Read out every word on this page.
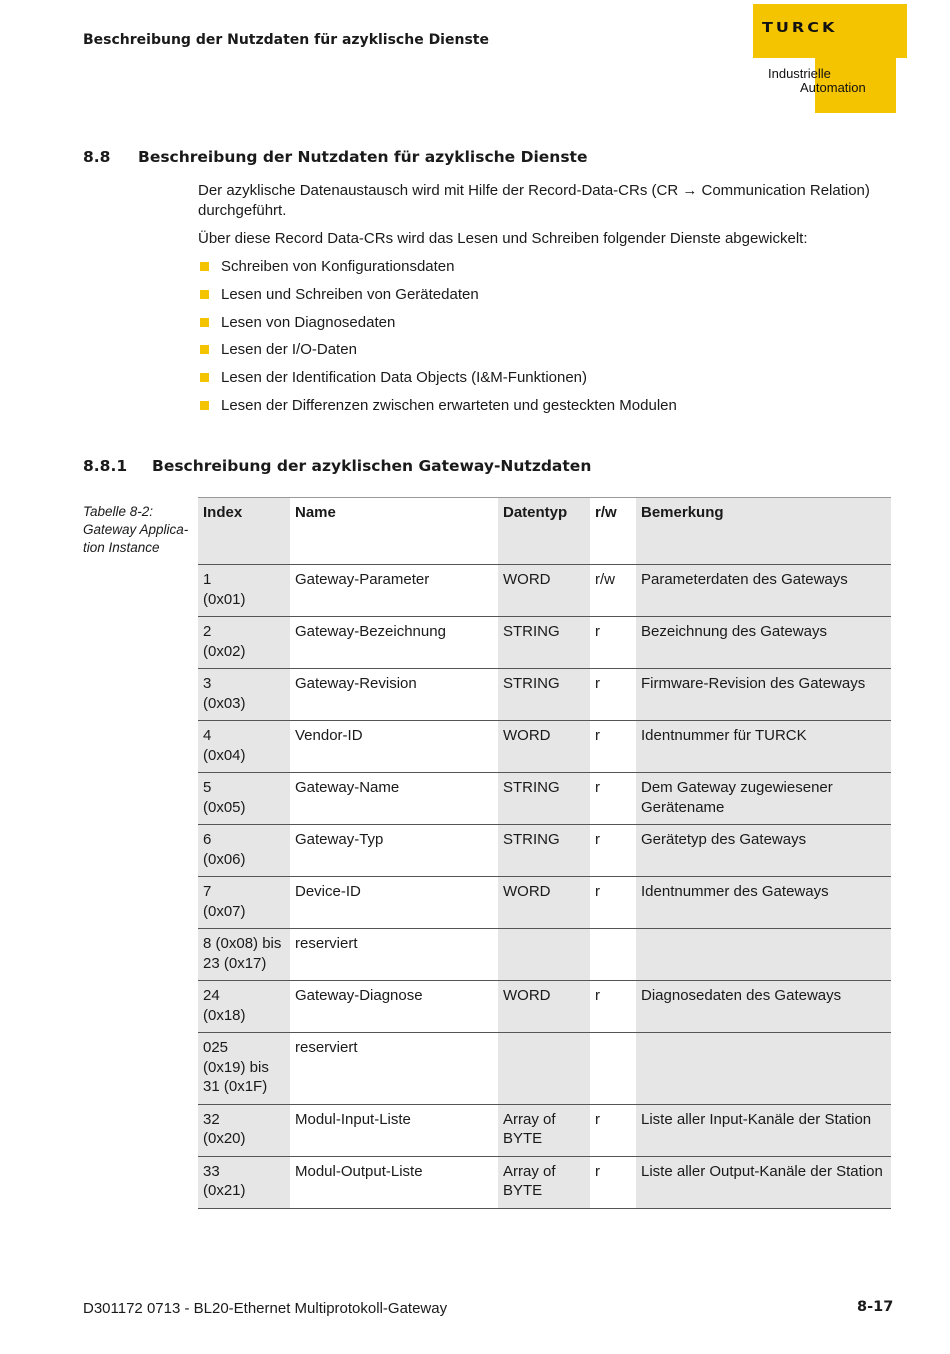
Beschreibung der Nutzdaten für azyklische Dienste
TURCK
Industrielle
Automation
8.8 Beschreibung der Nutzdaten für azyklische Dienste

Der azyklische Datenaustausch wird mit Hilfe der Record-Data-CRs (CR → Communication Relation) durchgeführt.

Über diese Record Data-CRs wird das Lesen und Schreiben folgender Dienste abgewickelt:

Schreiben von Konfigurationsdaten
Lesen und Schreiben von Gerätedaten
Lesen von Diagnosedaten
Lesen der I/O-Daten
Lesen der Identification Data Objects (I&M-Funktionen)
Lesen der Differenzen zwischen erwarteten und gesteckten Modulen
8.8.1 Beschreibung der azyklischen Gateway-Nutzdaten
Tabelle 8-2:
Gateway Applica-
tion Instance
Index	Name	Datentyp	r/w	Bemerkung

1
(0x01)	Gateway-Parameter	WORD	r/w	Parameterdaten des Gateways

2
(0x02)	Gateway-Bezeichnung	STRING	r	Bezeichnung des Gateways

3
(0x03)	Gateway-Revision	STRING	r	Firmware-Revision des Gateways

4
(0x04)	Vendor-ID	WORD	r	Identnummer für TURCK

5
(0x05)	Gateway-Name	STRING	r	Dem Gateway zugewiesener Gerätename

6
(0x06)	Gateway-Typ	STRING	r	Gerätetyp des Gateways

7
(0x07)	Device-ID	WORD	r	Identnummer des Gateways

8 (0x08) bis
23 (0x17)	reserviert			

24
(0x18)	Gateway-Diagnose	WORD	r	Diagnosedaten des Gateways

025
(0x19) bis 31 (0x1F)	reserviert			

32
(0x20)	Modul-Input-Liste	Array of BYTE	r	Liste aller Input-Kanäle der Station

33
(0x21)	Modul-Output-Liste	Array of BYTE	r	Liste aller Output-Kanäle der Station
D301172 0713 - BL20-Ethernet Multiprotokoll-Gateway	8-17
